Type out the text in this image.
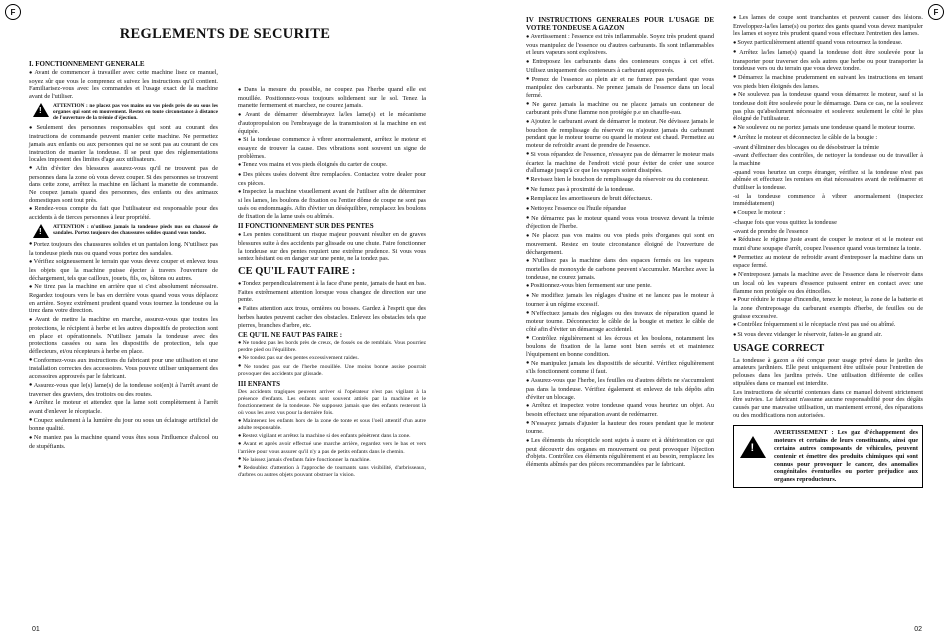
F
REGLEMENTS DE SECURITE
I. FONCTIONNEMENT GENERALE
● Avant de commencer à travailler avec cette machine lisez ce manuel, soyez sûr que vous le comprenez et suivez les instructions qu'il contient. Familiarisez-vous avec les commandes et l'usage exact de la machine avant de l'utiliser.
!
ATTENTION : ne placez pas vos mains ou vos pieds près de ou sous les organes qui sont en mouvement. Restez en toute circonstance à distance de l'ouverture de la trémie d'éjection.
● Seulement des personnes responsables qui sont au courant des instructions de commande peuvent manier cette machine. Ne permettez jamais aux enfants ou aux personnes qui ne se sont pas au courant de ces instruction de manier la tondeuse. Il se peut que des réglementations locales imposent des limites d'age aux utilisateurs.
● Afin d'éviter des blessures assurez-vous qu'il ne trouvent pas de personnes dans la zone où vous devez couper. Si des personnes se trouvent dans cette zone, arrêtez la machine en lâchant la manette de commande. Ne coupez jamais quand des personnes, des enfants ou des animaux domestiques sont tout près.
● Rendez-vous compte du fait que l'utilisateur est responsable pour des accidents à de tierces personnes à leur propriété.
!
ATTENTION : n'utilisez jamais la tondeuse pieds nus ou chaussé de sandales. Portez toujours des chaussures solides quand vous tondez.
● Portez toujours des chaussures solides et un pantalon long. N'utilisez pas la tondeuse pieds nus ou quand vous portez des sandales.
● Vérifiez soigneusement le terrain que vous devez couper et enlevez tous les objets que la machine puisse éjecter à travers l'ouverture de déchargement, tels que cailloux, jouets, fils, os, bâtons ou autres.
● Ne tirez pas la machine en arrière que si c'est absolument nécessaire. Regardez toujours vers le bas en derrière vous quand vous vous déplacez en arrière. Soyez extrêment prudent quand vous tournez la tondeuse ou la tirez dans votre direction.
● Avant de mettre la machine en marche, assurez-vous que toutes les protections, le récipient à herbe et les autres dispositifs de protection sont en place et opérationnels. N'utilisez jamais la tondeuse avec des protections cassées ou sans les dispositifs de protection, tels que déflecteurs, et/ou récepteurs à herbe en place.
● Conformez-vous aux instructions du fabricant pour une utilisation et une installation correctes des accessoires. Vous pouvez utiliser uniquement des accessoires approuvés par le fabricant.
● Assurez-vous que le(s) lame(s) de la tondeuse soi(en)t à l'arrêt avant de traverser des graviers, des trottoirs ou des routes.
● Arrêtez le moteur et attendez que la lame soit complètement à l'arrêt avant d'enlever le réceptacle.
● Coupez seulement à la lumière du jour ou sous un éclairage artificiel de bonne qualité.
● Ne maniez pas la machine quand vous êtes sous l'influence d'alcool ou de stupéfiants.
● Dans la mesure du possible, ne coupez pas l'herbe quand elle est mouillée. Positionnez-vous toujours solidement sur le sol. Tenez la manette fermement et marchez, ne courez jamais.
● Avant de démarrer désembrayez la/les lame(s) et le mécanisme d'autopropulsion ou l'embrayage de la transmission si la machine en est équipée.
● Si la tondeuse commence à vibrer anormalement, arrêtez le moteur et essayez de trouver la cause. Des vibrations sont souvent un signe de problèmes.
● Tenez vos mains et vos pieds éloignés du carter de coupe.
● Des pièces usées doivent être remplacées. Contactez votre dealer pour ces pièces.
● Inspectez la machine visuellement avant de l'utiliser afin de déterminer si les lames, les boulons de fixation ou l'entier dôme de coupe ne sont pas usés ou endommagés. Afin d'éviter un déséquilibre, remplacez les boulons de fixation de la lame usés ou abîmés.
II FONCTIONNEMENT SUR DES PENTES
● Les pentes constituent un risque majeur pouvant résulter en de graves blessures suite à des accidents par glissade ou une chute. Faire fonctionner la tondeuse sur des pentes requiert une extrême prudence. Si vous vous sentez hésitant ou en danger sur une pente, ne la tondez pas.
CE QU'IL FAUT FAIRE :
● Tondez perpendiculairement à la face d'une pente, jamais de haut en bas. Faites extrêmement attention lorsque vous changez de direction sur une pente.
● Faites attention aux trous, ornières ou bosses. Gardez à l'esprit que des herbes hautes peuvent cacher des obstacles. Enlevez les obstacles tels que pierres, branches d'arbre, etc.
CE QU'IL NE FAUT PAS FAIRE :
● Ne tondez pas les bords près de creux, de fossés ou de remblais. Vous pourriez perdre pied ou l'équilibre.
● Ne tondez pas sur des pentes excessivement raides.
● Ne tondez pas sur de l'herbe mouillée. Une moins bonne assise pourrait provoquer des accidents par glissade.
III ENFANTS
Des accidents tragiques peuvent arriver si l'opérateur n'est pas vigilant à la présence d'enfants. Les enfants sont souvent attirés par la machine et le fonctionnement de la tondeuse. Ne supposez jamais que des enfants resteront là où vous les avez vus pour la dernière fois.
● Maintenez les enfants hors de la zone de tonte et sous l'oeil attentif d'un autre adulte responsable.
● Restez vigilant et arrêtez la machine si des enfants pénètrent dans la zone.
● Avant et après avoir effectué une marche arrière, regardez vers le bas et vers l'arrière pour vous assurer qu'il n'y a pas de petits enfants dans le chemin.
● Ne laissez jamais d'enfants faire fonctionner la machine.
● Redoublez d'attention à l'approche de tournants sans visibilité, d'arbrisseaux, d'arbres ou autres objets pouvant obstruer la vision.
01
F
IV INSTRUCTIONS GENERALES POUR L'USAGE DE VOTRE TONDEUSE A GAZON
● Avertissement : l'essence est très inflammable. Soyez très prudent quand vous manipulez de l'essence ou d'autres carburants. Ils sont inflammables et leurs vapeurs sont explosives.
● Entreposez les carburants dans des conteneurs conçus à cet effet. Utilisez uniquement des conteneurs à carburant approuvés.
● Prenez de l'essence au plein air et ne fumez pas pendant que vous manipulez des carburants. Ne prenez jamais de l'essence dans un local fermé.
● Ne garez jamais la machine ou ne placez jamais un conteneur de carburant près d'une flamme non protégée p.e un chauffe-eau.
● Ajoutez le carburant avant de démarrer le moteur. Ne dévissez jamais le bouchon de remplissage du réservoir ou n'ajoutez jamais du carburant pendant que le moteur tourne ou quand le moteur est chaud. Permettez au moteur de refroidir avant de prendre de l'essence.
● Si vous répandez de l'essence, n'essayez pas de démarrer le moteur mais écartez la machine de l'endroit vicié pour éviter de créer une source d'allumage jusqu'à ce que les vapeurs soient dissipées.
● Revissez bien le bouchon de remplissage du réservoir ou du conteneur.
● Ne fumez pas à proximité de la tondeuse.
● Remplacez les amortisseurs de bruit défectueux.
● Nettoyez l'essence ou l'huile répandue
● Ne démarrez pas le moteur quand vous vous trouvez devant la trémie d'éjection de l'herbe.
● Ne placez pas vos mains ou vos pieds près d'organes qui sont en mouvement. Restez en toute circonstance éloigné de l'ouverture de déchargement.
● N'utilisez pas la machine dans des espaces fermés ou les vapeurs mortelles de monoxyde de carbone peuvent s'accumuler. Marchez avec la tondeuse, ne courez jamais.
● Positionnez-vous bien fermement sur une pente.
● Ne modifiez jamais les réglages d'usine et ne lancez pas le moteur à tourner à un régime excessif.
● N'effectuez jamais des réglages ou des travaux de réparation quand le moteur tourne. Déconnectez le câble de la bougie et mettez le câble de côté afin d'éviter un démarrage accidentel.
● Contrôlez régulièrement si les écrous et les boulons, notamment les boulons de fixation de la lame sont bien serrés et et maintenez l'équipement en bonne condition.
● Ne manipulez jamais les dispositifs de sécurité. Vérifiez régulièrement s'ils fonctionnent comme il faut.
● Assurez-vous que l'herbe, les feuilles ou d'autres débris ne s'accumulent pas dans la tondeuse. Vérifiez également et enlevez de tels dépôts afin d'éviter un blocage.
● Arrêtez et inspectez votre tondeuse quand vous heurtez un objet. Au besoin effectuez une réparation avant de redémarrer.
● N'essayez jamais d'ajuster la hauteur des roues pendant que le moteur tourne.
● Les éléments du récepticle sont sujets à usure et à détérioration ce qui peut découvrir des organes en mouvement ou peut provoquer l'éjection d'objets. Contrôlez ces éléments régulièrement et au besoin, remplacez les éléments abîmés par des pièces recommandées par le fabricant.
● Les lames de coupe sont tranchantes et peuvent causer des lésions. Enveloppez-la/les lame(s) ou portez des gants quand vous devez manipuler les lames et soyez très prudent quand vous effectuez l'entretien des lames.
● Soyez particulièrement attentif quand vous retournez la tondeuse.
● Arrêtez la/les lame(s) quand la tondeuse doit être soulevée pour la transporter pour traverser des sols autres que herbe ou pour transporter la tondeuse vers ou du terrain que vous devez tondre.
● Démarrez la machine prudemment en suivant les instructions en tenant vos pieds bien éloignés des lames.
● Ne soulevez pas la tondeuse quand vous démarrez le moteur, sauf si la tondeuse doit être soulevée pour le démarrage. Dans ce cas, ne la soulevez pas plus qu'absolument nécessaire et soulevez seulement le côté le plus éloigné de l'utilisateur.
● Ne soulevez ou ne portez jamais une tondeuse quand le moteur tourne.
● Arrêtez le moteur et déconnectez le câble de la bougie :
-avant d'éliminer des blocages ou de désobstruer la trémie
-avant d'effectuer des contrôles, de nettoyer la tondeuse ou de travailler à la machine
-quand vous heurtez un corps étranger, vérifiez si la tondeuse n'est pas abîmée et effectuez les remises en état nécessaires avant de redémarrer et d'utiliser la tondeuse.
-si la tondeuse commence à vibrer anormalement (inspectez immédiatement)
● Coupez le moteur :
-chaque fois que vous quittez la tondeuse
-avant de prendre de l'essence
● Réduisez le régime juste avant de couper le moteur et si le moteur est muni d'une soupape d'arrêt, coupez l'essence quand vous terminez la tonte.
● Permettez au moteur de refroidir avant d'entreposer la machine dans un espace fermé.
● N'entreposez jamais la machine avec de l'essence dans le réservoir dans un local où les vapeurs d'essence puissent entrer en contact avec une flamme non protégée ou des étincelles.
● Pour réduire le risque d'incendie, tenez le moteur, la zone de la batterie et la zone d'entreposage du carburant exempts d'herbe, de feuilles ou de graisse excessive.
● Contrôlez fréquemment si le réceptacle n'est pas usé ou abîmé.
● Si vous devez vidanger le réservoir, faites-le au grand air.
USAGE CORRECT
La tondeuse à gazon a été conçue pour usage privé dans le jardin des amateurs jardiniers. Elle peut uniquement être utilisée pour l'entretien de pelouses dans les jardins privés. Une utilisation différente de celles stipulées dans ce manuel est interdite.
Les instructions de sécurité contenues dans ce manuel doivent strictement être suivies. Le fabricant n'assume aucune responsabilité pour des dégâts causés par une mauvaise utilisation, un maniement erroné, des réparations ou des modifications non autorisées.
!
AVERTISSEMENT : Les gaz d'échappement des moteurs et certains de leurs constituants, ainsi que certains autres composants de véhicules, peuvent contenir et émettre des produits chimiques qui sont connus pour provoquer le cancer, des anomalies congénitales éventuelles ou porter préjudice aux organes reproducteurs.
02
